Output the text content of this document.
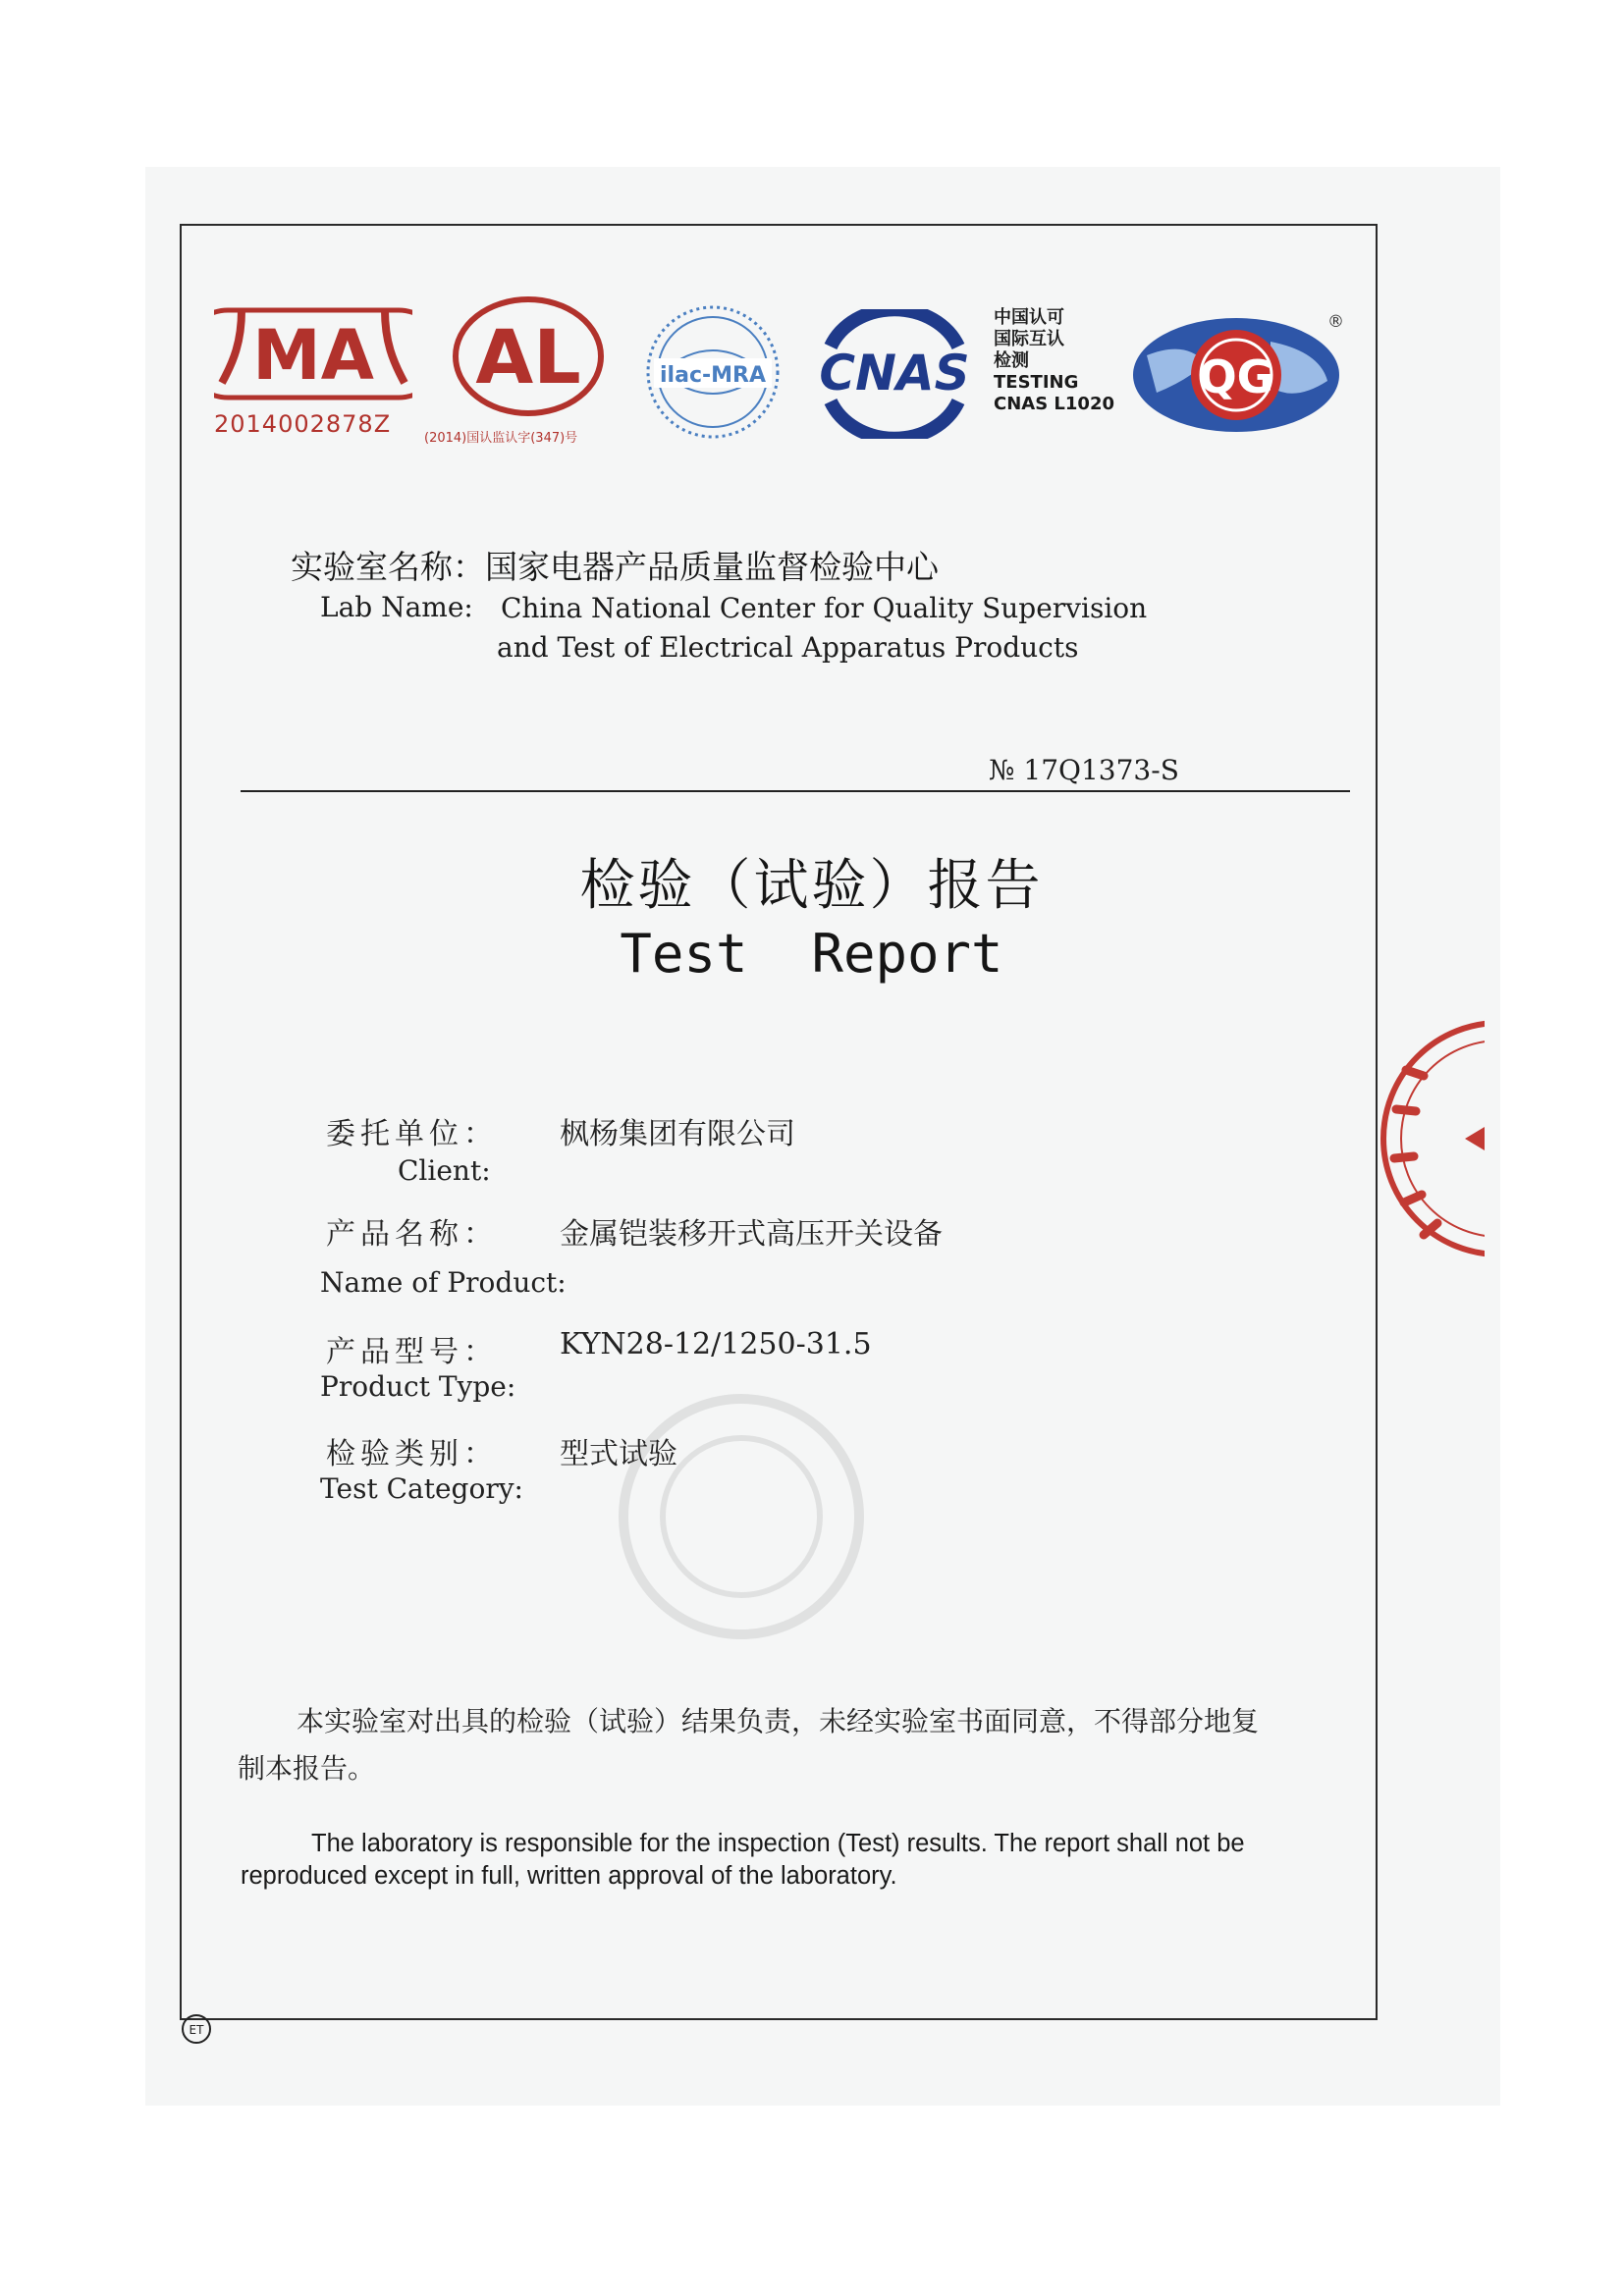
MA
2014002878Z
AL
(2014)国认监认字(347)号
ilac-MRA CNAS
中国认可
国际互认
检测
TESTING
CNAS L1020
QG
®
实验室名称：国家电器产品质量监督检验中心
Lab Name: China National Center for Quality Supervision
and Test of Electrical Apparatus Products
№ 17Q1373-S
检验（试验）报告
Test  Report
委托单位： 枫杨集团有限公司
Client:
产品名称： 金属铠装移开式高压开关设备
Name of Product:
产品型号： KYN28-12/1250-31.5
Product Type:
检验类别： 型式试验
Test Category:
本实验室对出具的检验（试验）结果负责，未经实验室书面同意，不得部分地复制本报告。
The laboratory is responsible for the inspection (Test) results. The report shall not be reproduced except in full, written approval of the laboratory.
ET
